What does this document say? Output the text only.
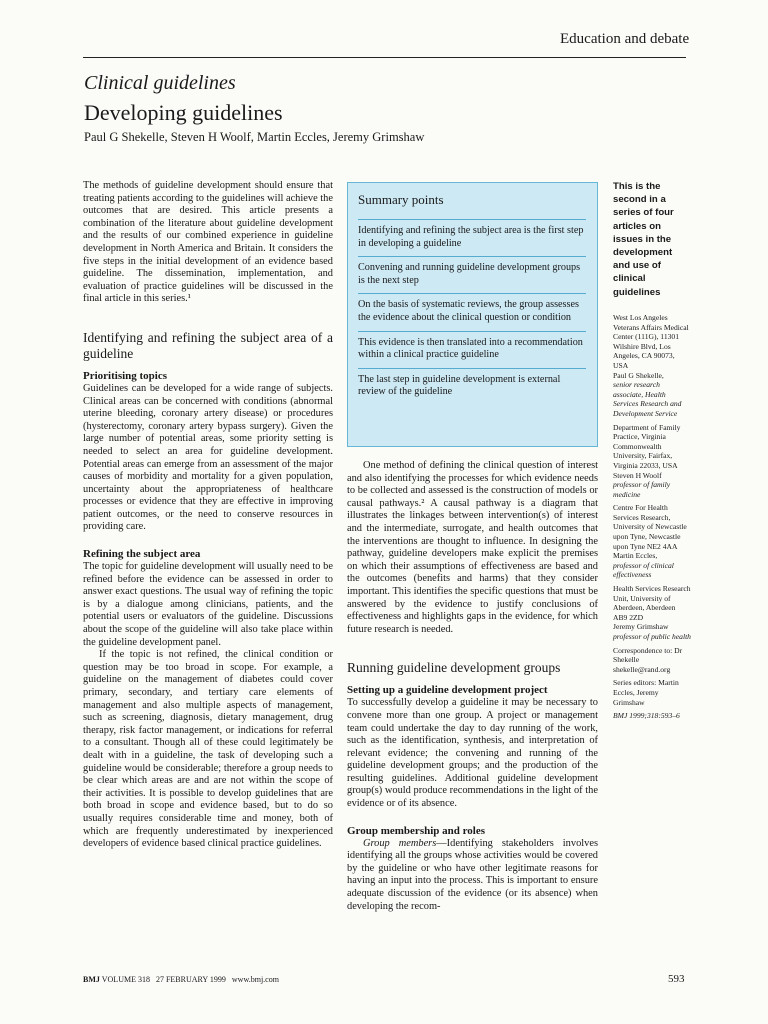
Education and debate
Clinical guidelines
Developing guidelines
Paul G Shekelle, Steven H Woolf, Martin Eccles, Jeremy Grimshaw

The methods of guideline development should ensure that treating patients according to the guidelines will achieve the outcomes that are desired. This article presents a combination of the literature about guideline development and the results of our combined experience in guideline development in North America and Britain. It considers the five steps in the initial development of an evidence based guideline. The dissemination, implementation, and evaluation of practice guidelines will be discussed in the final article in this series.¹

Identifying and refining the subject area of a guideline

Prioritising topics

Guidelines can be developed for a wide range of subjects. Clinical areas can be concerned with conditions (abnormal uterine bleeding, coronary artery disease) or procedures (hysterectomy, coronary artery bypass surgery). Given the large number of potential areas, some priority setting is needed to select an area for guideline development. Potential areas can emerge from an assessment of the major causes of morbidity and mortality for a given population, uncertainty about the appropriateness of healthcare processes or evidence that they are effective in improving patient outcomes, or the need to conserve resources in providing care.

Refining the subject area

The topic for guideline development will usually need to be refined before the evidence can be assessed in order to answer exact questions. The usual way of refining the topic is by a dialogue among clinicians, patients, and the potential users or evaluators of the guideline. Discussions about the scope of the guideline will also take place within the guideline development panel.

If the topic is not refined, the clinical condition or question may be too broad in scope. For example, a guideline on the management of diabetes could cover primary, secondary, and tertiary care elements of management and also multiple aspects of management, such as screening, diagnosis, dietary management, drug therapy, risk factor management, or indications for referral to a consultant. Though all of these could legitimately be dealt with in a guideline, the task of developing such a guideline would be considerable; therefore a group needs to be clear which areas are and are not within the scope of their activities. It is possible to develop guidelines that are both broad in scope and evidence based, but to do so usually requires considerable time and money, both of which are frequently underestimated by inexperienced developers of evidence based clinical practice guidelines.

Summary points
Identifying and refining the subject area is the first step in developing a guideline
Convening and running guideline development groups is the next step
On the basis of systematic reviews, the group assesses the evidence about the clinical question or condition
This evidence is then translated into a recommendation within a clinical practice guideline
The last step in guideline development is external review of the guideline

One method of defining the clinical question of interest and also identifying the processes for which evidence needs to be collected and assessed is the construction of models or causal pathways.² A causal pathway is a diagram that illustrates the linkages between intervention(s) of interest and the intermediate, surrogate, and health outcomes that the interventions are thought to influence. In designing the pathway, guideline developers make explicit the premises on which their assumptions of effectiveness are based and the outcomes (benefits and harms) that they consider important. This identifies the specific questions that must be answered by the evidence to justify conclusions of effectiveness and highlights gaps in the evidence, for which future research is needed.

Running guideline development groups

Setting up a guideline development project

To successfully develop a guideline it may be necessary to convene more than one group. A project or management team could undertake the day to day running of the work, such as the identification, synthesis, and interpretation of relevant evidence; the convening and running of the guideline development groups; and the production of the resulting guidelines. Additional guideline development group(s) would produce recommendations in the light of the evidence or of its absence.

Group membership and roles

Group members—Identifying stakeholders involves identifying all the groups whose activities would be covered by the guideline or who have other legitimate reasons for having an input into the process. This is important to ensure adequate discussion of the evidence (or its absence) when developing the recom-

This is the second in a series of four articles on issues in the development and use of clinical guidelines
West Los Angeles Veterans Affairs Medical Center (111G), 11301 Wilshire Blvd, Los Angeles, CA 90073, USA
Paul G Shekelle,
senior research associate, Health Services Research and Development Service
Department of Family Practice, Virginia Commonwealth University, Fairfax, Virginia 22033, USA
Steven H Woolf
professor of family medicine
Centre For Health Services Research, University of Newcastle upon Tyne, Newcastle upon Tyne NE2 4AA
Martin Eccles,
professor of clinical effectiveness
Health Services Research Unit, University of Aberdeen, Aberdeen AB9 2ZD
Jeremy Grimshaw
professor of public health
Correspondence to: Dr Shekelle shekelle@rand.org
Series editors: Martin Eccles, Jeremy Grimshaw
BMJ 1999;318:593–6
BMJ VOLUME 318 27 FEBRUARY 1999 www.bmj.com	593
